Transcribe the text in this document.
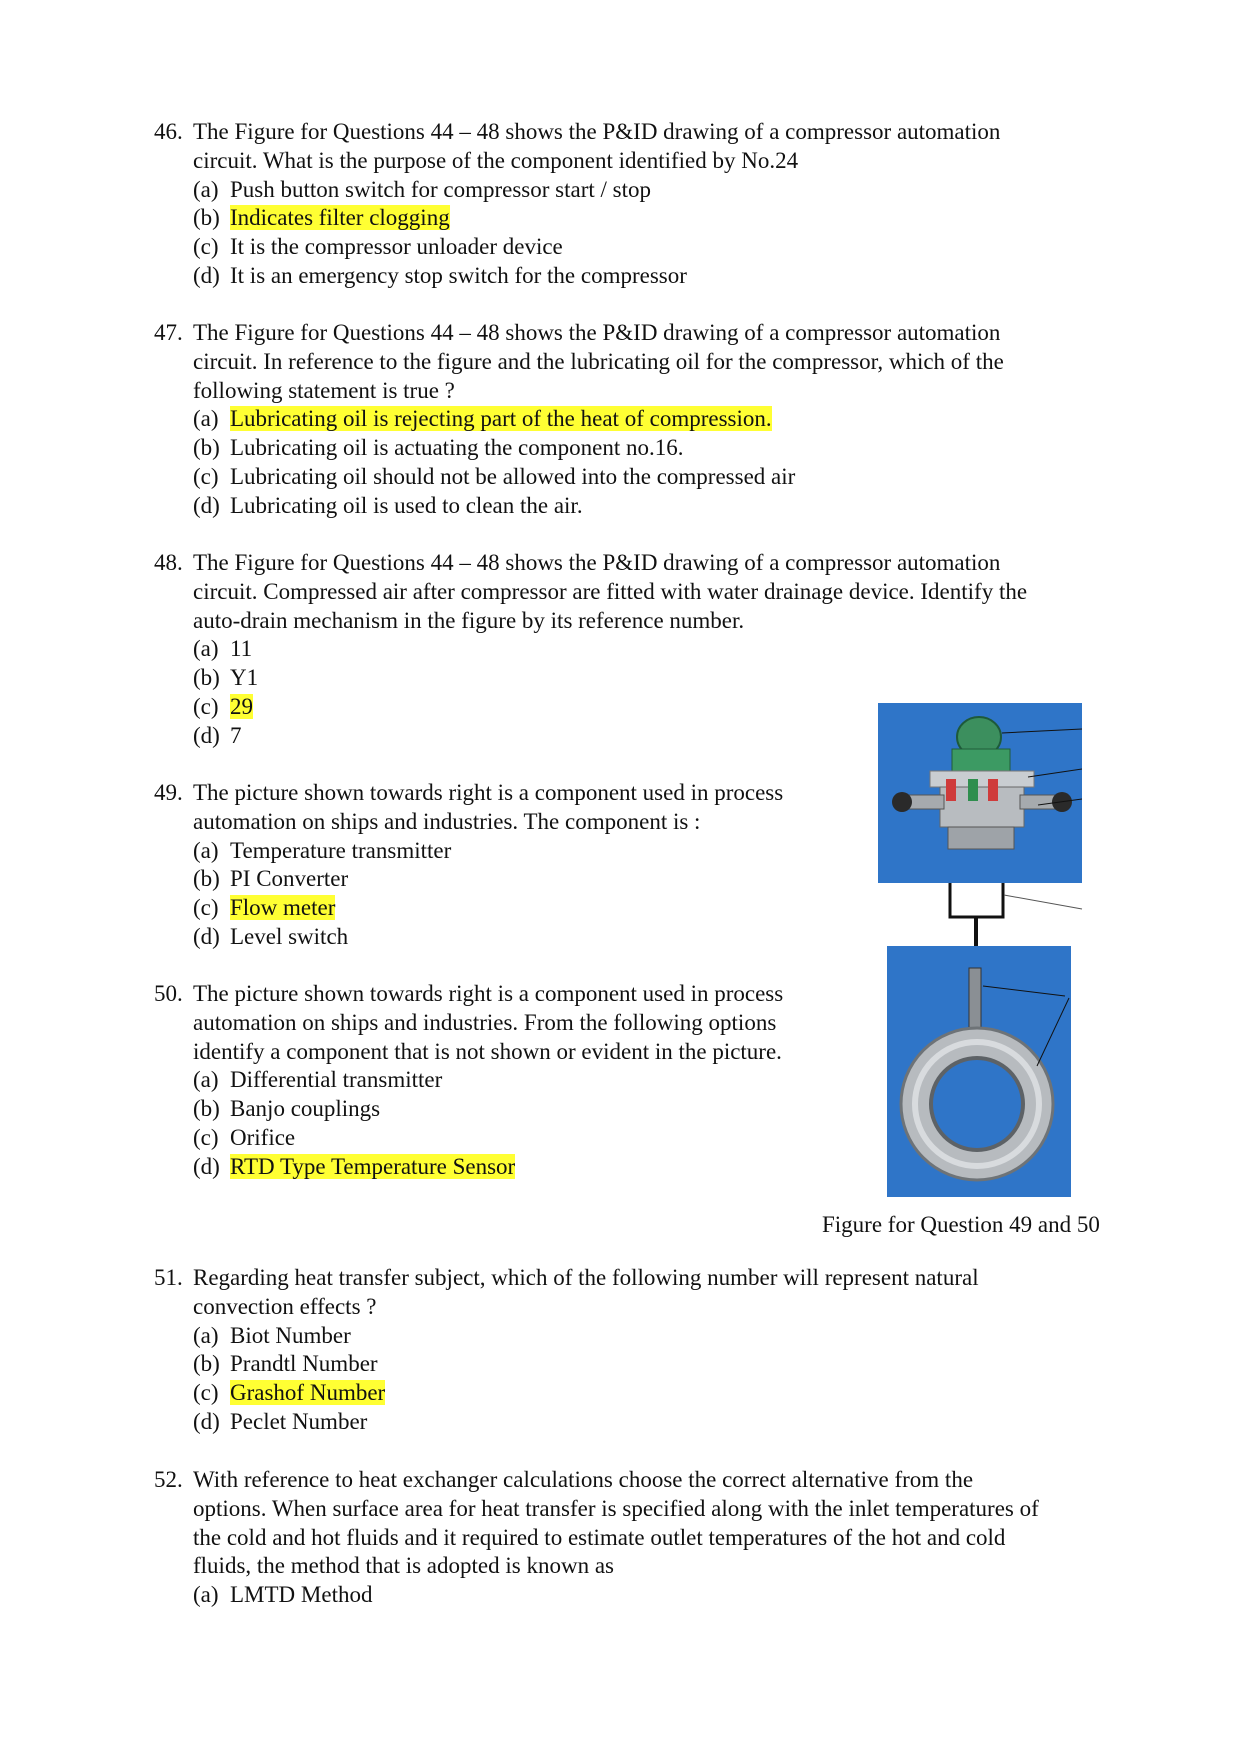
46. The Figure for Questions 44 – 48 shows the P&ID drawing of a compressor automation
circuit. What is the purpose of the component identified by No.24
(a) Push button switch for compressor start / stop
(b) Indicates filter clogging
(c) It is the compressor unloader device
(d) It is an emergency stop switch for the compressor
47. The Figure for Questions 44 – 48 shows the P&ID drawing of a compressor automation
circuit. In reference to the figure and the lubricating oil for the compressor, which of the
following statement is true ?
(a) Lubricating oil is rejecting part of the heat of compression.
(b) Lubricating oil is actuating the component no.16.
(c) Lubricating oil should not be allowed into the compressed air
(d) Lubricating oil is used to clean the air.
48. The Figure for Questions 44 – 48 shows the P&ID drawing of a compressor automation
circuit. Compressed air after compressor are fitted with water drainage device. Identify the
auto-drain mechanism in the figure by its reference number.
(a) 11
(b) Y1
(c) 29
(d) 7
49. The picture shown towards right is a component used in process
automation on ships and industries. The component is :
(a) Temperature transmitter
(b) PI Converter
(c) Flow meter
(d) Level switch
50. The picture shown towards right is a component used in process
automation on ships and industries. From the following options
identify a component that is not shown or evident in the picture.
(a) Differential transmitter
(b) Banjo couplings
(c) Orifice
(d) RTD Type Temperature Sensor
Figure for Question 49 and 50
51. Regarding heat transfer subject, which of the following number will represent natural
convection effects ?
(a) Biot Number
(b) Prandtl Number
(c) Grashof Number
(d) Peclet Number
52. With reference to heat exchanger calculations choose the correct alternative from the
options. When surface area for heat transfer is specified along with the inlet temperatures of
the cold and hot fluids and it required to estimate outlet temperatures of the hot and cold
fluids, the method that is adopted is known as
(a) LMTD Method
